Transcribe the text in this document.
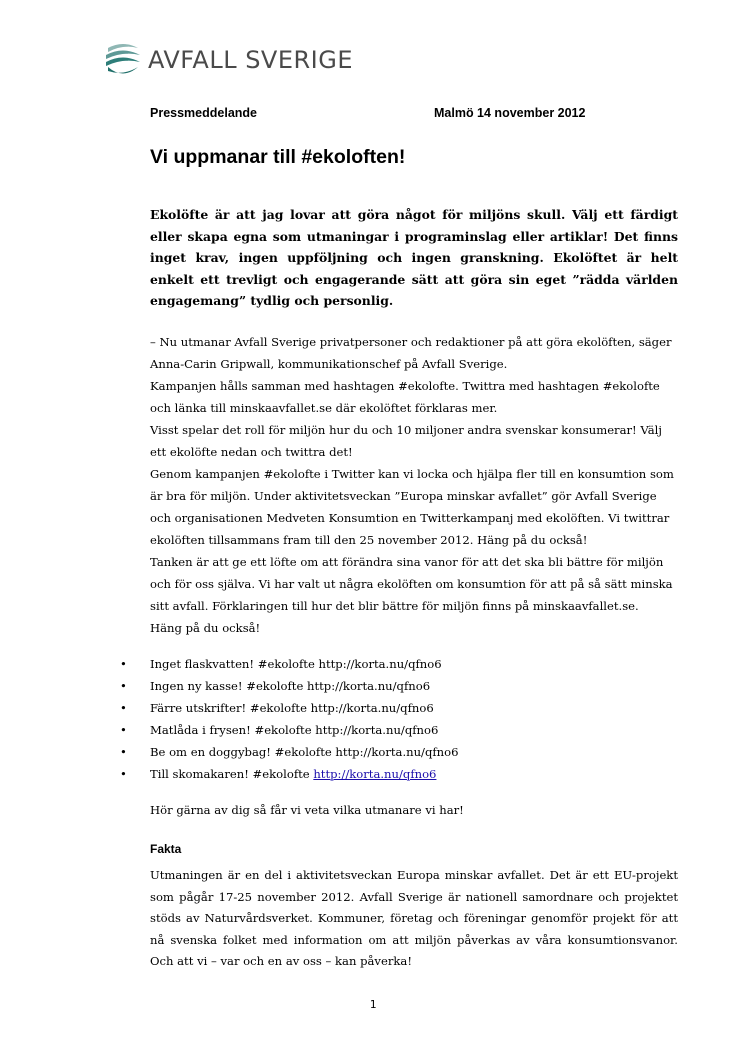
AVFALL SVERIGE
Pressmeddelande	Malmö 14 november 2012
Vi uppmanar till #ekoloften!

Ekolöfte är att jag lovar att göra något för miljöns skull. Välj ett färdigt eller skapa egna som utmaningar i programinslag eller artiklar! Det finns inget krav, ingen uppföljning och ingen granskning. Ekolöftet är helt enkelt ett trevligt och engagerande sätt att göra sin eget ”rädda världen engagemang” tydlig och personlig.

– Nu utmanar Avfall Sverige privatpersoner och redaktioner på att göra ekolöften, säger Anna-Carin Gripwall, kommunikationschef på Avfall Sverige.

Kampanjen hålls samman med hashtagen #ekolofte. Twittra med hashtagen #ekolofte och länka till minskaavfallet.se där ekolöftet förklaras mer.

Visst spelar det roll för miljön hur du och 10 miljoner andra svenskar konsumerar! Välj ett ekolöfte nedan och twittra det!

Genom kampanjen #ekolofte i Twitter kan vi locka och hjälpa fler till en konsumtion som är bra för miljön. Under aktivitetsveckan ”Europa minskar avfallet” gör Avfall Sverige och organisationen Medveten Konsumtion en Twitterkampanj med ekolöften. Vi twittrar ekolöften tillsammans fram till den 25 november 2012. Häng på du också!

Tanken är att ge ett löfte om att förändra sina vanor för att det ska bli bättre för miljön och för oss själva. Vi har valt ut några ekolöften om konsumtion för att på så sätt minska sitt avfall. Förklaringen till hur det blir bättre för miljön finns på minskaavfallet.se.

Häng på du också!

• Inget flaskvatten! #ekolofte http://korta.nu/qfno6
• Ingen ny kasse! #ekolofte http://korta.nu/qfno6
• Färre utskrifter! #ekolofte http://korta.nu/qfno6
• Matlåda i frysen! #ekolofte http://korta.nu/qfno6
• Be om en doggybag! #ekolofte http://korta.nu/qfno6
• Till skomakaren! #ekolofte http://korta.nu/qfno6

Hör gärna av dig så får vi veta vilka utmanare vi har!

Fakta

Utmaningen är en del i aktivitetsveckan Europa minskar avfallet. Det är ett EU-projekt som pågår 17-25 november 2012. Avfall Sverige är nationell samordnare och projektet stöds av Naturvårdsverket. Kommuner, företag och föreningar genomför projekt för att nå svenska folket med information om att miljön påverkas av våra konsumtionsvanor. Och att vi – var och en av oss – kan påverka!

1
